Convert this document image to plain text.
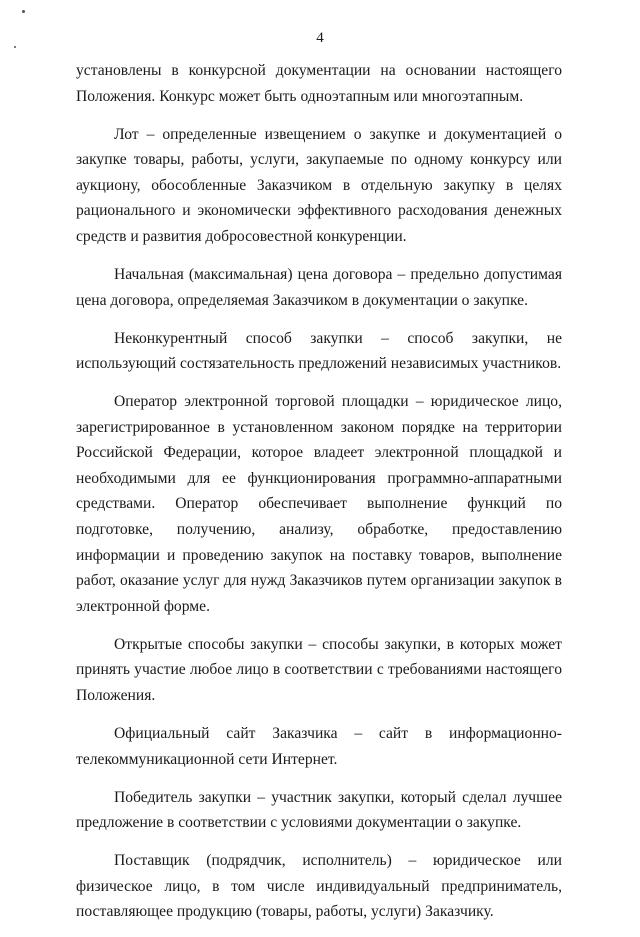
4

установлены в конкурсной документации на основании настоящего Положения. Конкурс может быть одноэтапным или многоэтапным.

Лот – определенные извещением о закупке и документацией о закупке товары, работы, услуги, закупаемые по одному конкурсу или аукциону, обособленные Заказчиком в отдельную закупку в целях рационального и экономически эффективного расходования денежных средств и развития добросовестной конкуренции.

Начальная (максимальная) цена договора – предельно допустимая цена договора, определяемая Заказчиком в документации о закупке.

Неконкурентный способ закупки – способ закупки, не использующий состязательность предложений независимых участников.

Оператор электронной торговой площадки – юридическое лицо, зарегистрированное в установленном законом порядке на территории Российской Федерации, которое владеет электронной площадкой и необходимыми для ее функционирования программно-аппаратными средствами. Оператор обеспечивает выполнение функций по подготовке, получению, анализу, обработке, предоставлению информации и проведению закупок на поставку товаров, выполнение работ, оказание услуг для нужд Заказчиков путем организации закупок в электронной форме.

Открытые способы закупки – способы закупки, в которых может принять участие любое лицо в соответствии с требованиями настоящего Положения.

Официальный сайт Заказчика – сайт в информационно-телекоммуникационной сети Интернет.

Победитель закупки – участник закупки, который сделал лучшее предложение в соответствии с условиями документации о закупке.

Поставщик (подрядчик, исполнитель) – юридическое или физическое лицо, в том числе индивидуальный предприниматель, поставляющее продукцию (товары, работы, услуги) Заказчику.
